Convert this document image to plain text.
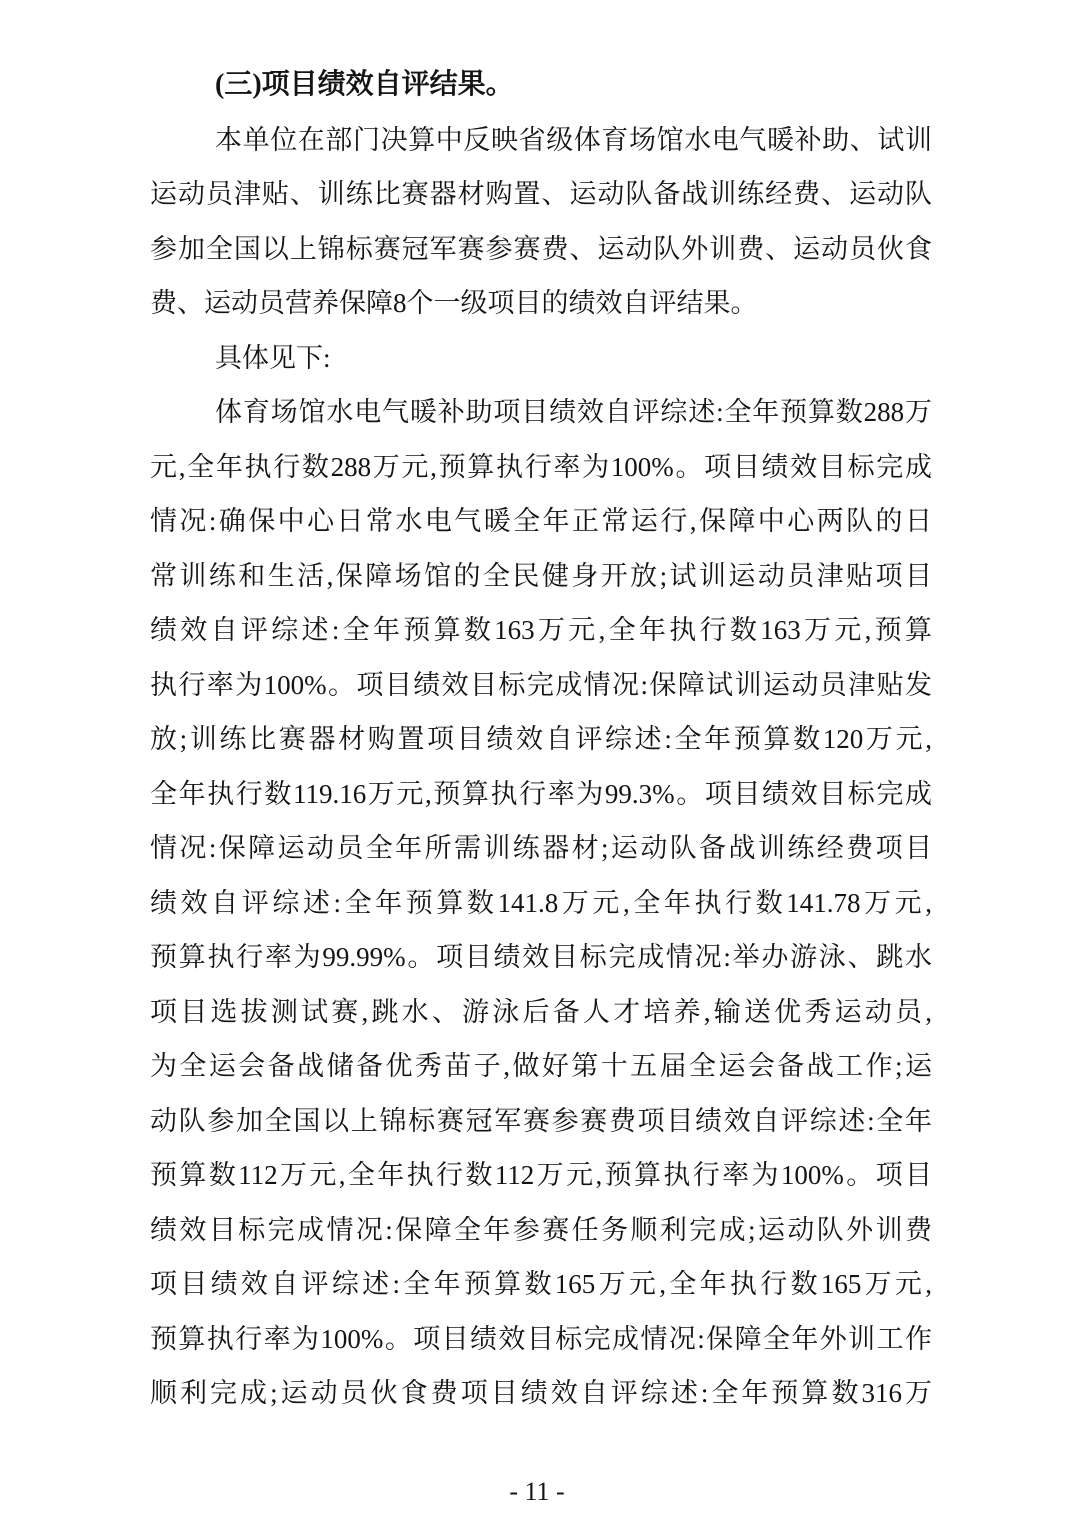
(三)项目绩效自评结果。
本单位在部门决算中反映省级体育场馆水电气暖补助、试训
运动员津贴、训练比赛器材购置、运动队备战训练经费、运动队
参加全国以上锦标赛冠军赛参赛费、运动队外训费、运动员伙食
费、运动员营养保障8个一级项目的绩效自评结果。
具体见下:
体育场馆水电气暖补助项目绩效自评综述:全年预算数288万
元,全年执行数288万元,预算执行率为100%。项目绩效目标完成
情况:确保中心日常水电气暖全年正常运行,保障中心两队的日
常训练和生活,保障场馆的全民健身开放;试训运动员津贴项目
绩效自评综述:全年预算数163万元,全年执行数163万元,预算
执行率为100%。项目绩效目标完成情况:保障试训运动员津贴发
放;训练比赛器材购置项目绩效自评综述:全年预算数120万元,
全年执行数119.16万元,预算执行率为99.3%。项目绩效目标完成
情况:保障运动员全年所需训练器材;运动队备战训练经费项目
绩效自评综述:全年预算数141.8万元,全年执行数141.78万元,
预算执行率为99.99%。项目绩效目标完成情况:举办游泳、跳水
项目选拔测试赛,跳水、游泳后备人才培养,输送优秀运动员,
为全运会备战储备优秀苗子,做好第十五届全运会备战工作;运
动队参加全国以上锦标赛冠军赛参赛费项目绩效自评综述:全年
预算数112万元,全年执行数112万元,预算执行率为100%。项目
绩效目标完成情况:保障全年参赛任务顺利完成;运动队外训费
项目绩效自评综述:全年预算数165万元,全年执行数165万元,
预算执行率为100%。项目绩效目标完成情况:保障全年外训工作
顺利完成;运动员伙食费项目绩效自评综述:全年预算数316万
- 11 -
